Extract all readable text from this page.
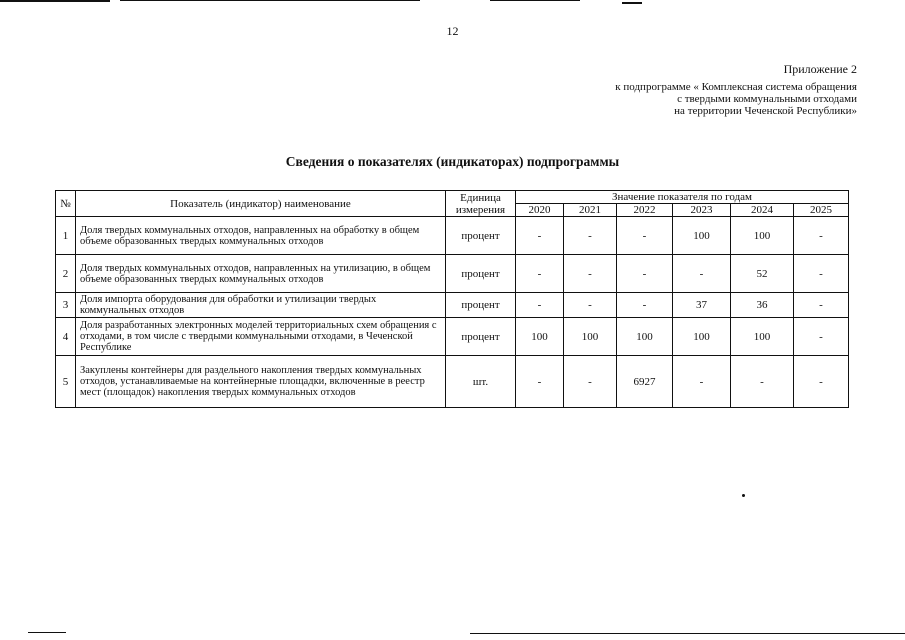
12
Приложение 2
к подпрограмме « Комплексная система обращения
с твердыми коммунальными отходами
на территории Чеченской Республики»
Сведения о показателях (индикаторах) подпрограммы
№	Показатель (индикатор) наименование	Единица измерения	Значение показателя по годам					
			2020	2021	2022	2023	2024	2025
1	Доля твердых коммунальных отходов, направленных на обработку в общем объеме образованных твердых коммунальных отходов	процент	-	-	-	100	100	-
2	Доля твердых коммунальных отходов, направленных на утилизацию, в общем объеме образованных твердых коммунальных отходов	процент	-	-	-	-	52	-
3	Доля импорта оборудования для обработки и утилизации твердых коммунальных отходов	процент	-	-	-	37	36	-
4	Доля разработанных электронных моделей территориальных схем обращения с отходами, в том числе с твердыми коммунальными отходами, в Чеченской Республике	процент	100	100	100	100	100	-
5	Закуплены контейнеры для раздельного накопления твердых коммунальных отходов, устанавливаемые на контейнерные площадки, включенные в реестр мест (площадок) накопления твердых коммунальных отходов	шт.	-	-	6927	-	-	-
